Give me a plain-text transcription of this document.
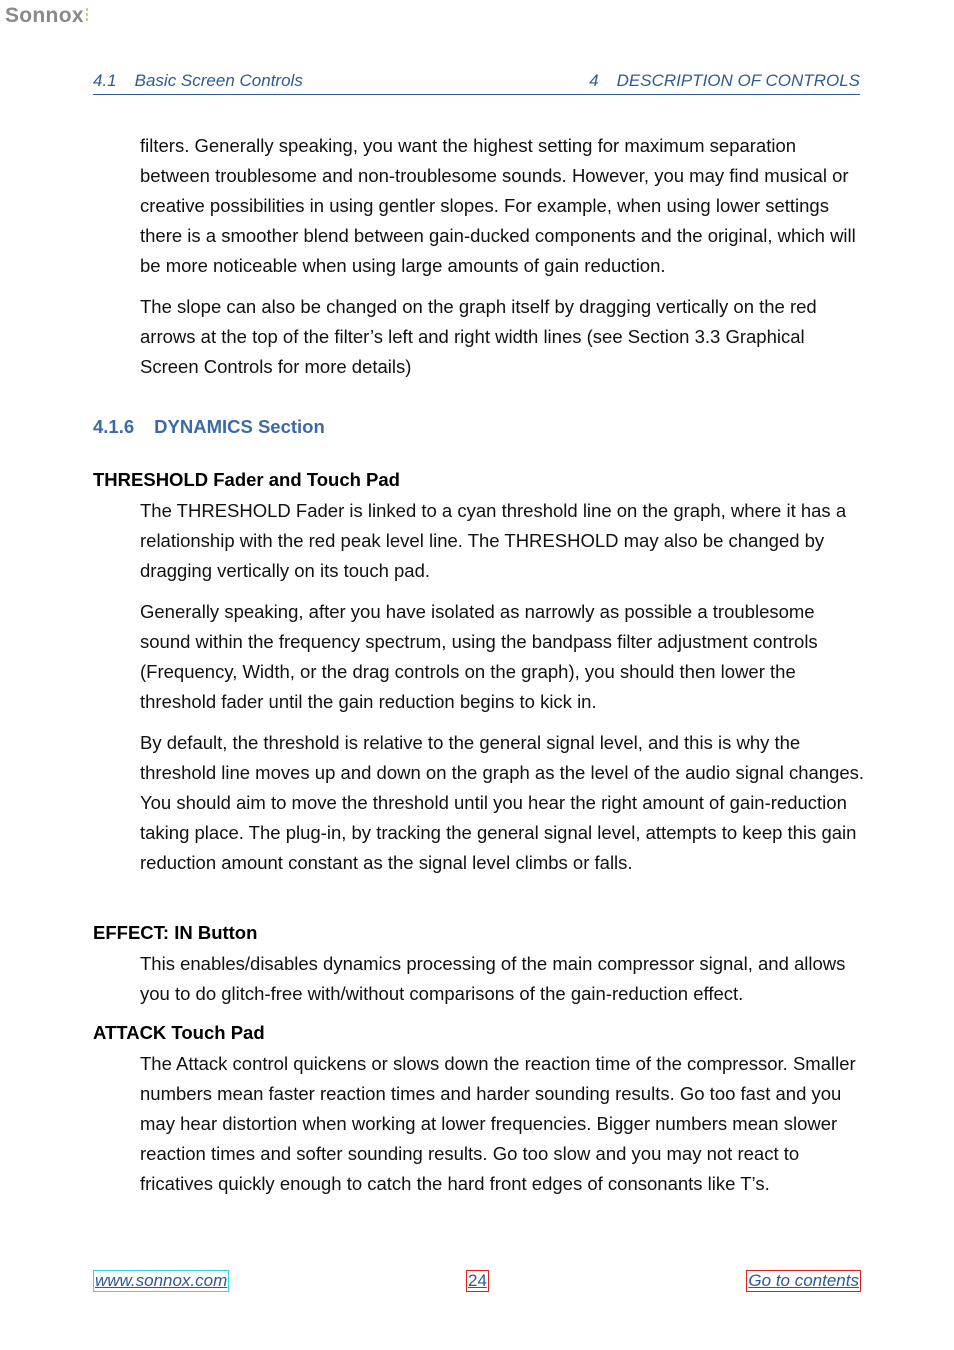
Sonnox
4.1 Basic Screen Controls	4 DESCRIPTION OF CONTROLS

filters. Generally speaking, you want the highest setting for maximum separation between troublesome and non-troublesome sounds. However, you may find musical or creative possibilities in using gentler slopes. For example, when using lower settings there is a smoother blend between gain-ducked components and the original, which will be more noticeable when using large amounts of gain reduction.

The slope can also be changed on the graph itself by dragging vertically on the red arrows at the top of the filter’s left and right width lines (see Section 3.3 Graphical Screen Controls for more details)

4.1.6 DYNAMICS Section
THRESHOLD Fader and Touch Pad

The THRESHOLD Fader is linked to a cyan threshold line on the graph, where it has a relationship with the red peak level line. The THRESHOLD may also be changed by dragging vertically on its touch pad.

Generally speaking, after you have isolated as narrowly as possible a troublesome sound within the frequency spectrum, using the bandpass filter adjustment controls (Frequency, Width, or the drag controls on the graph), you should then lower the threshold fader until the gain reduction begins to kick in.

By default, the threshold is relative to the general signal level, and this is why the threshold line moves up and down on the graph as the level of the audio signal changes. You should aim to move the threshold until you hear the right amount of gain-reduction taking place. The plug-in, by tracking the general signal level, attempts to keep this gain reduction amount constant as the signal level climbs or falls.

EFFECT: IN Button

This enables/disables dynamics processing of the main compressor signal, and allows you to do glitch-free with/without comparisons of the gain-reduction effect.

ATTACK Touch Pad

The Attack control quickens or slows down the reaction time of the compressor. Smaller numbers mean faster reaction times and harder sounding results. Go too fast and you may hear distortion when working at lower frequencies. Bigger numbers mean slower reaction times and softer sounding results. Go too slow and you may not react to fricatives quickly enough to catch the hard front edges of consonants like T’s.

www.sonnox.com	24	Go to contents
